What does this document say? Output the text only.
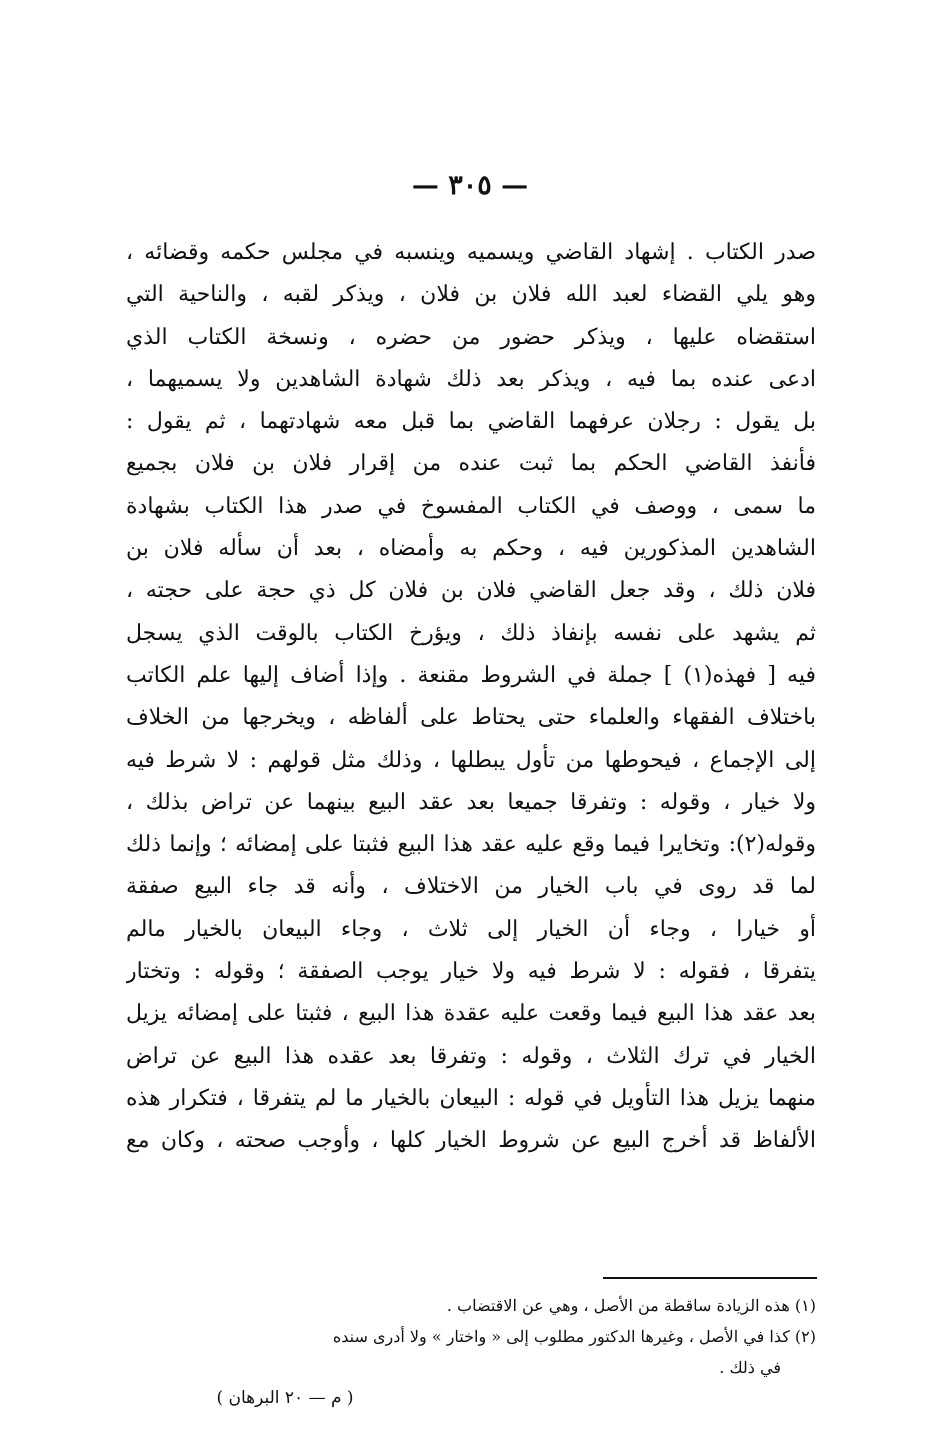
— ٣٠٥ —
صدر الكتاب . إشهاد القاضي ويسميه وينسبه في مجلس حكمه وقضائه ،
وهو يلي القضاء لعبد الله فلان بن فلان ، ويذكر لقبه ، والناحية التي
استقضاه عليها ، ويذكر حضور من حضره ، ونسخة الكتاب الذي
ادعى عنده بما فيه ، ويذكر بعد ذلك شهادة الشاهدين ولا يسميهما ،
بل يقول : رجلان عرفهما القاضي بما قبل معه شهادتهما ، ثم يقول :
فأنفذ القاضي الحكم بما ثبت عنده من إقرار فلان بن فلان بجميع
ما سمى ، ووصف في الكتاب المفسوخ في صدر هذا الكتاب بشهادة
الشاهدين المذكورين فيه ، وحكم به وأمضاه ، بعد أن سأله فلان بن
فلان ذلك ، وقد جعل القاضي فلان بن فلان كل ذي حجة على حجته ،
ثم يشهد على نفسه بإنفاذ ذلك ، ويؤرخ الكتاب بالوقت الذي يسجل
فيه [ فهذه(١) ] جملة في الشروط مقنعة . وإذا أضاف إليها علم الكاتب
باختلاف الفقهاء والعلماء حتى يحتاط على ألفاظه ، ويخرجها من الخلاف
إلى الإجماع ، فيحوطها من تأول يبطلها ، وذلك مثل قولهم : لا شرط فيه
ولا خيار ، وقوله : وتفرقا جميعا بعد عقد البيع بينهما عن تراض بذلك ،
وقوله(٢): وتخايرا فيما وقع عليه عقد هذا البيع فثبتا على إمضائه ؛ وإنما ذلك
لما قد روى في باب الخيار من الاختلاف ، وأنه قد جاء البيع صفقة
أو خيارا ، وجاء أن الخيار إلى ثلاث ، وجاء البيعان بالخيار مالم
يتفرقا ، فقوله : لا شرط فيه ولا خيار يوجب الصفقة ؛ وقوله : وتختار
بعد عقد هذا البيع فيما وقعت عليه عقدة هذا البيع ، فثبتا على إمضائه يزيل
الخيار في ترك الثلاث ، وقوله : وتفرقا بعد عقده هذا البيع عن تراض
منهما يزيل هذا التأويل في قوله : البيعان بالخيار ما لم يتفرقا ، فتكرار هذه
الألفاظ قد أخرج البيع عن شروط الخيار كلها ، وأوجب صحته ، وكان مع
(١) هذه الزيادة ساقطة من الأصل ، وهي عن الاقتضاب .
(٢) كذا في الأصل ، وغيرها الدكتور مطلوب إلى « واختار » ولا أدرى سنده
في ذلك .
( م — ٢٠ البرهان )
